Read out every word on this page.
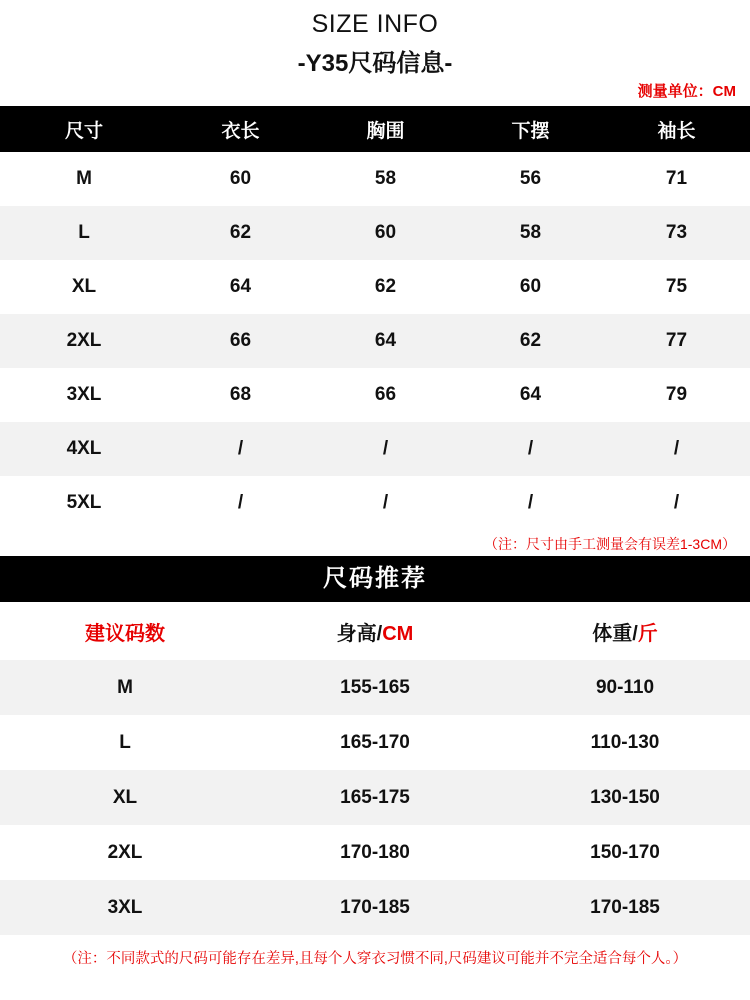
SIZE INFO
-Y35尺码信息-
测量单位：CM
尺寸	衣长	胸围	下摆	袖长
M	60	58	56	71
L	62	60	58	73
XL	64	62	60	75
2XL	66	64	62	77
3XL	68	66	64	79
4XL	/	/	/	/
5XL	/	/	/	/
（注：尺寸由手工测量会有误差1-3CM）
尺码推荐
建议码数	身高/CM	体重/斤
M	155-165	90-110
L	165-170	110-130
XL	165-175	130-150
2XL	170-180	150-170
3XL	170-185	170-185
（注：不同款式的尺码可能存在差异,且每个人穿衣习惯不同,尺码建议可能并不完全适合每个人。）
